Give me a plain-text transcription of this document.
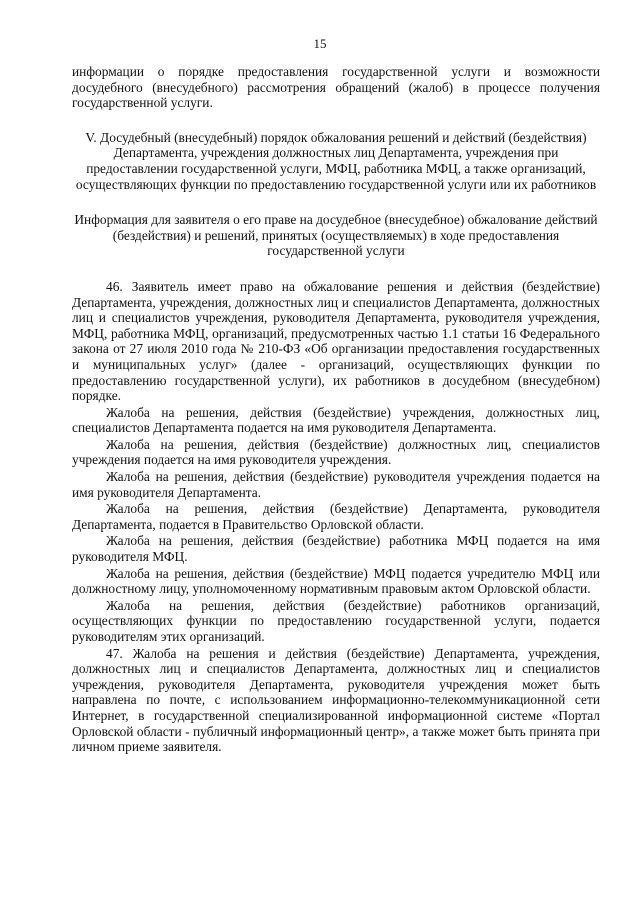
15

информации о порядке предоставления государственной услуги и возможности досудебного (внесудебного) рассмотрения обращений (жалоб) в процессе получения государственной услуги.

V. Досудебный (внесудебный) порядок обжалования решений и действий (бездействия) Департамента, учреждения должностных лиц Департамента, учреждения при предоставлении государственной услуги, МФЦ, работника МФЦ, а также организаций, осуществляющих функции по предоставлению государственной услуги или их работников

Информация для заявителя о его праве на досудебное (внесудебное) обжалование действий (бездействия) и решений, принятых (осуществляемых) в ходе предоставления государственной услуги

46. Заявитель имеет право на обжалование решения и действия (бездействие) Департамента, учреждения, должностных лиц и специалистов Департамента, должностных лиц и специалистов учреждения, руководителя Департамента, руководителя учреждения, МФЦ, работника МФЦ, организаций, предусмотренных частью 1.1 статьи 16 Федерального закона от 27 июля 2010 года № 210-ФЗ «Об организации предоставления государственных и муниципальных услуг» (далее - организаций, осуществляющих функции по предоставлению государственной услуги), их работников в досудебном (внесудебном) порядке.

Жалоба на решения, действия (бездействие) учреждения, должностных лиц, специалистов Департамента подается на имя руководителя Департамента.

Жалоба на решения, действия (бездействие) должностных лиц, специалистов учреждения подается на имя руководителя учреждения.

Жалоба на решения, действия (бездействие) руководителя учреждения подается на имя руководителя Департамента.

Жалоба на решения, действия (бездействие) Департамента, руководителя Департамента, подается в Правительство Орловской области.

Жалоба на решения, действия (бездействие) работника МФЦ подается на имя руководителя МФЦ.

Жалоба на решения, действия (бездействие) МФЦ подается учредителю МФЦ или должностному лицу, уполномоченному нормативным правовым актом Орловской области.

Жалоба на решения, действия (бездействие) работников организаций, осуществляющих функции по предоставлению государственной услуги, подается руководителям этих организаций.

47. Жалоба на решения и действия (бездействие) Департамента, учреждения, должностных лиц и специалистов Департамента, должностных лиц и специалистов учреждения, руководителя Департамента, руководителя учреждения может быть направлена по почте, с использованием информационно-телекоммуникационной сети Интернет, в государственной специализированной информационной системе «Портал Орловской области - публичный информационный центр», а также может быть принята при личном приеме заявителя.
